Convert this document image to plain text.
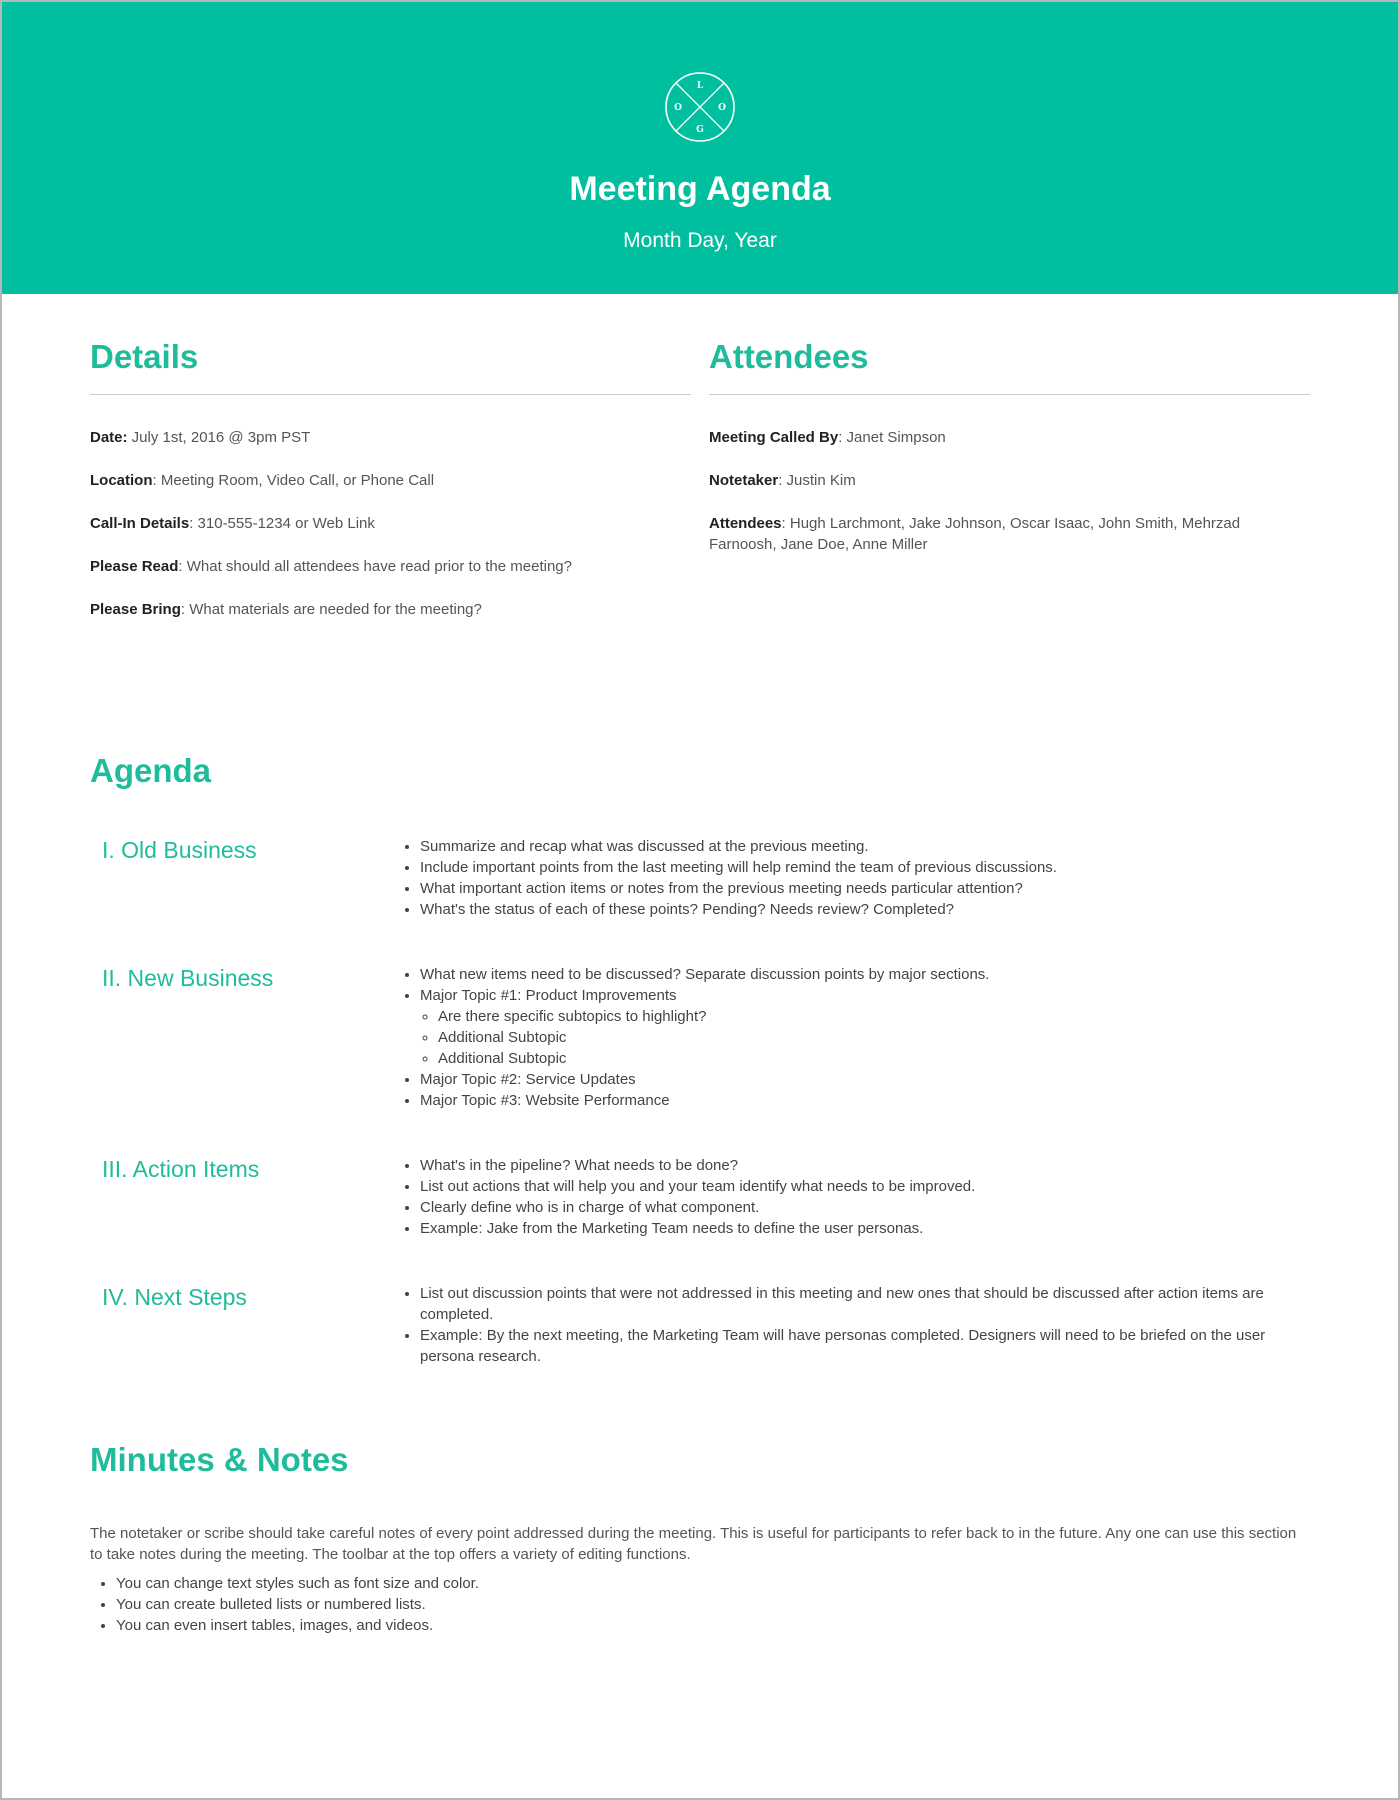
L
O	O
G
Meeting Agenda
Month Day, Year
Details
Date: July 1st, 2016 @ 3pm PST
Location: Meeting Room, Video Call, or Phone Call
Call-In Details: 310-555-1234 or Web Link
Please Read: What should all attendees have read prior to the meeting?
Please Bring: What materials are needed for the meeting?
Attendees
Meeting Called By: Janet Simpson
Notetaker: Justin Kim
Attendees: Hugh Larchmont, Jake Johnson, Oscar Isaac, John Smith, Mehrzad Farnoosh, Jane Doe, Anne Miller
Agenda
I. Old Business	• Summarize and recap what was discussed at the previous meeting.
• Include important points from the last meeting will help remind the team of previous discussions.
• What important action items or notes from the previous meeting needs particular attention?
• What's the status of each of these points? Pending? Needs review? Completed?
II. New Business	• What new items need to be discussed? Separate discussion points by major sections.
• Major Topic #1: Product Improvements
◦ Are there specific subtopics to highlight?
◦ Additional Subtopic
◦ Additional Subtopic
• Major Topic #2: Service Updates
• Major Topic #3: Website Performance
III. Action Items	• What's in the pipeline? What needs to be done?
• List out actions that will help you and your team identify what needs to be improved.
• Clearly define who is in charge of what component.
• Example: Jake from the Marketing Team needs to define the user personas.
IV. Next Steps	• List out discussion points that were not addressed in this meeting and new ones that should be discussed after action items are completed.
• Example: By the next meeting, the Marketing Team will have personas completed. Designers will need to be briefed on the user persona research.
Minutes & Notes
The notetaker or scribe should take careful notes of every point addressed during the meeting. This is useful for participants to refer back to in the future. Any one can use this section to take notes during the meeting. The toolbar at the top offers a variety of editing functions.
• You can change text styles such as font size and color.
• You can create bulleted lists or numbered lists.
• You can even insert tables, images, and videos.
